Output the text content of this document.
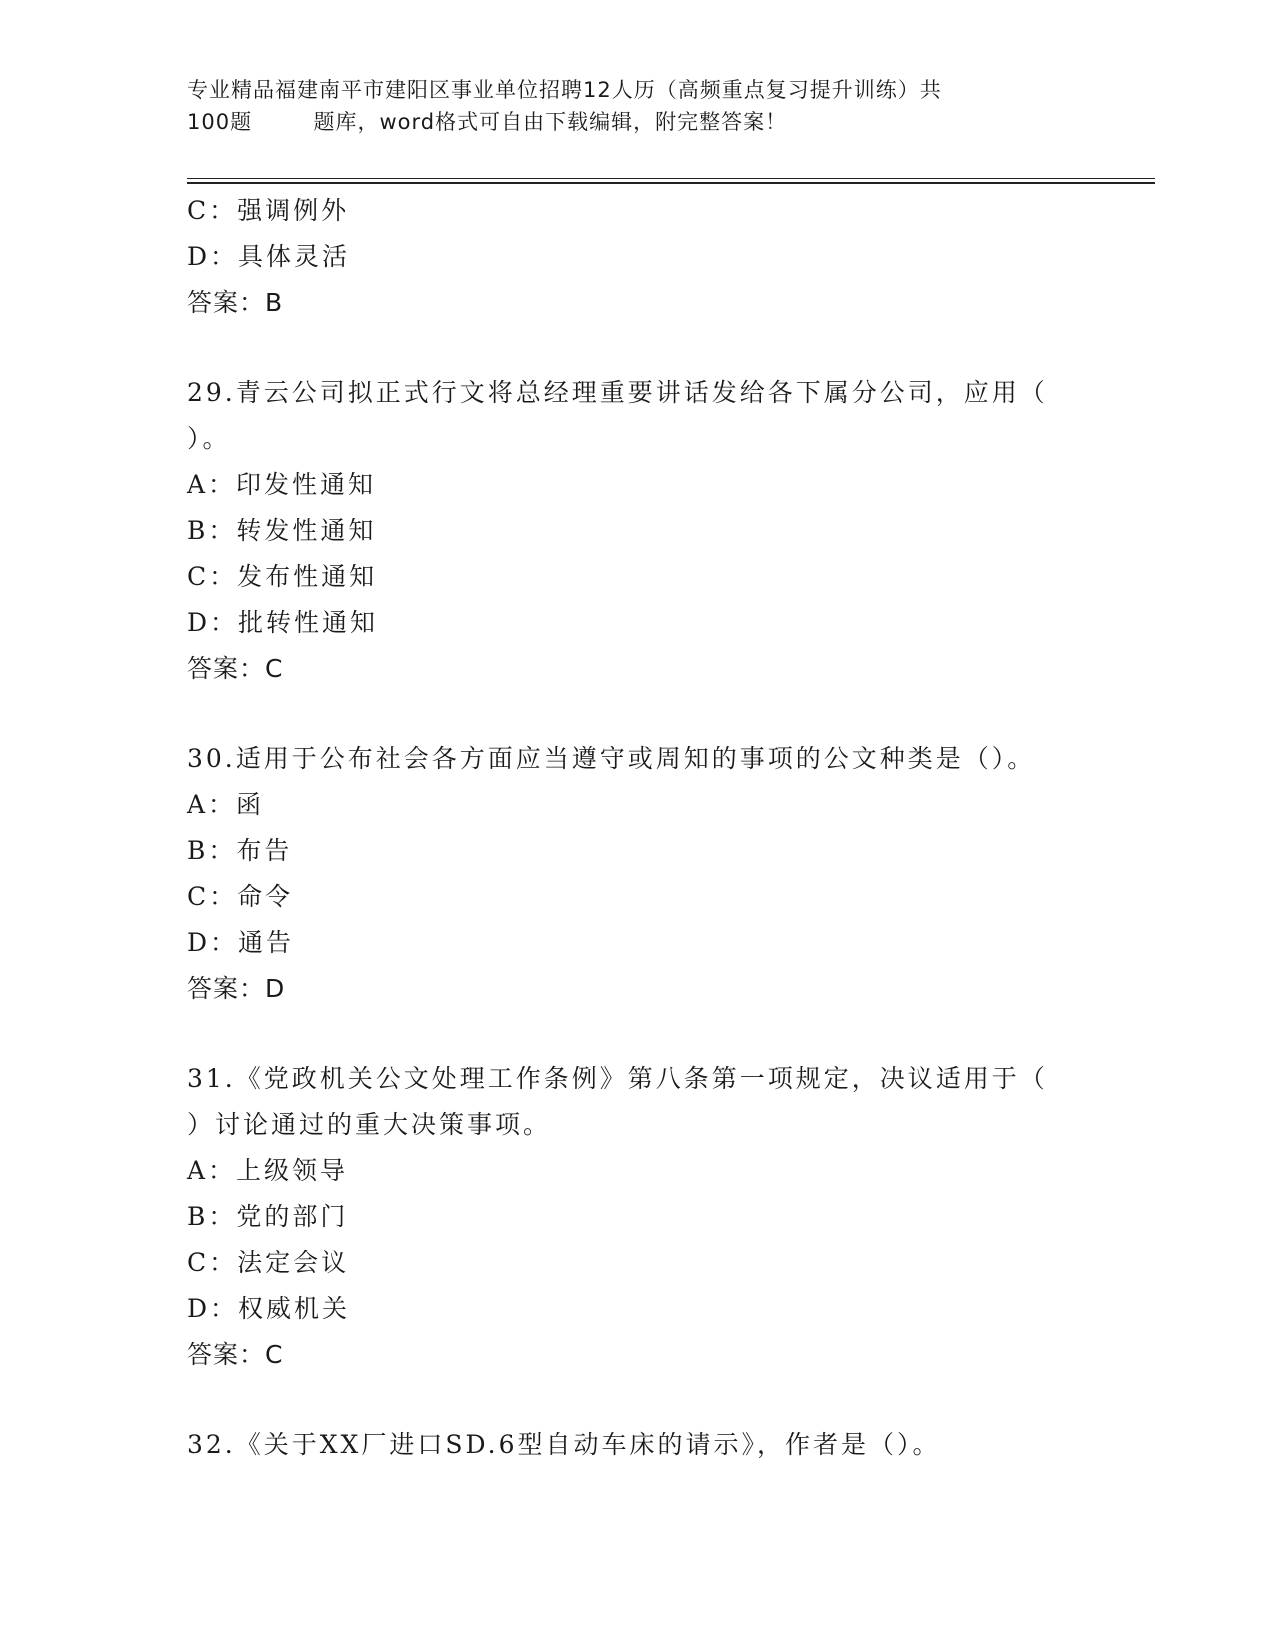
专业精品福建南平市建阳区事业单位招聘12人历（高频重点复习提升训练）共
100题        题库，word格式可自由下载编辑，附完整答案！
C：强调例外
D：具体灵活
答案：B
29.青云公司拟正式行文将总经理重要讲话发给各下属分公司，应用（
）。
A：印发性通知
B：转发性通知
C：发布性通知
D：批转性通知
答案：C
30.适用于公布社会各方面应当遵守或周知的事项的公文种类是（）。
A：函
B：布告
C：命令
D：通告
答案：D
31.《党政机关公文处理工作条例》第八条第一项规定，决议适用于（
）讨论通过的重大决策事项。
A：上级领导
B：党的部门
C：法定会议
D：权威机关
答案：C
32.《关于XX厂进口SD.6型自动车床的请示》，作者是（）。
